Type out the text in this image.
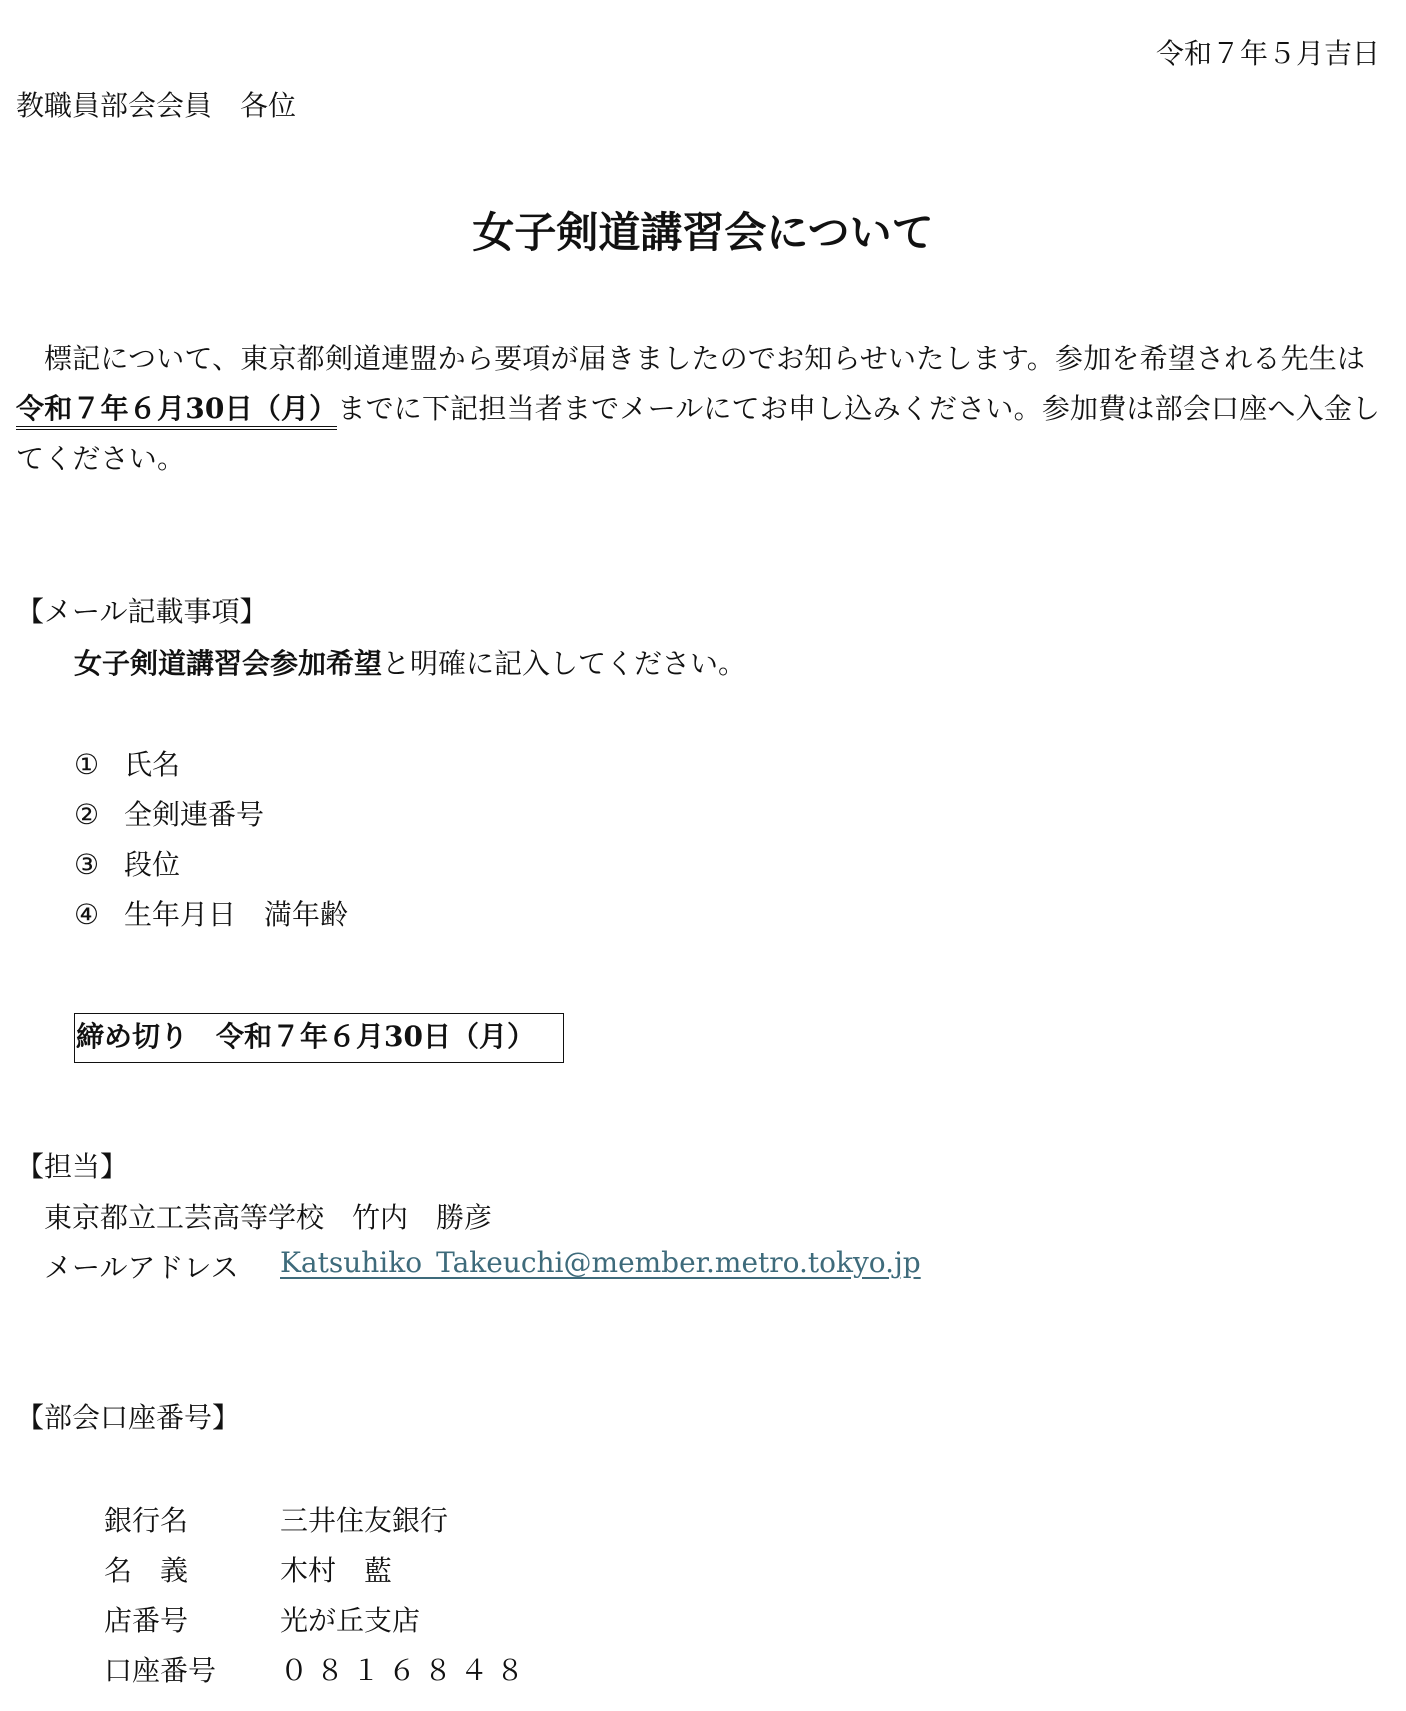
令和７年５月吉日
教職員部会会員　各位
女子剣道講習会について
標記について、東京都剣道連盟から要項が届きましたのでお知らせいたします。参加を希望される先生は令和７年６月30日（月）までに下記担当者までメールにてお申し込みください。参加費は部会口座へ入金してください。
【メール記載事項】
女子剣道講習会参加希望と明確に記入してください。
① 氏名
② 全剣連番号
③ 段位
④ 生年月日　満年齢
締め切り　令和７年６月30日（月）
【担当】
東京都立工芸高等学校　竹内　勝彦
メールアドレス Katsuhiko_Takeuchi@member.metro.tokyo.jp
【部会口座番号】
銀行名	三井住友銀行
名　義	木村　藍
店番号	光が丘支店
口座番号 ０８１６８４８
